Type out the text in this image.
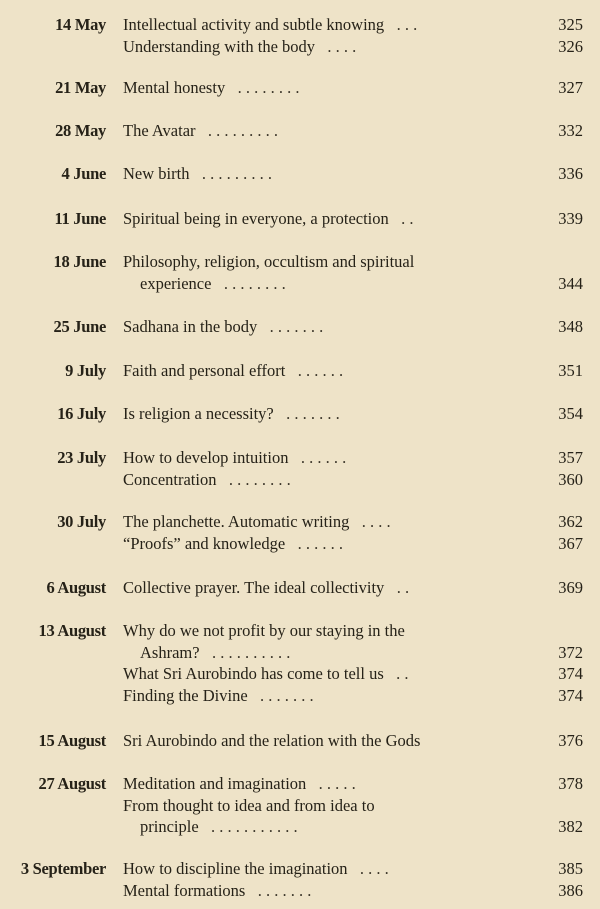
14 May Intellectual activity and subtle knowing   . . .	325
Understanding with the body   . . . .	326
21 May Mental honesty   . . . . . . . .	327
28 May The Avatar   . . . . . . . . .	332
4 June New birth   . . . . . . . . .	336
11 June Spiritual being in everyone, a protection   . .	339
18 June Philosophy, religion, occultism and spiritual
experience   . . . . . . . .	344
25 June Sadhana in the body   . . . . . . .	348
9 July Faith and personal effort   . . . . . .	351
16 July Is religion a necessity?   . . . . . . .	354
23 July How to develop intuition   . . . . . .	357
Concentration   . . . . . . . .	360
30 July The planchette. Automatic writing   . . . .	362
“Proofs” and knowledge   . . . . . .	367
6 August Collective prayer. The ideal collectivity   . .	369
13 August Why do we not profit by our staying in the
Ashram?   . . . . . . . . . .	372
What Sri Aurobindo has come to tell us   . .	374
Finding the Divine   . . . . . . .	374
15 August Sri Aurobindo and the relation with the Gods	376
27 August Meditation and imagination   . . . . .	378
From thought to idea and from idea to
principle   . . . . . . . . . . .	382
3 September How to discipline the imagination   . . . .	385
Mental formations   . . . . . . .	386
